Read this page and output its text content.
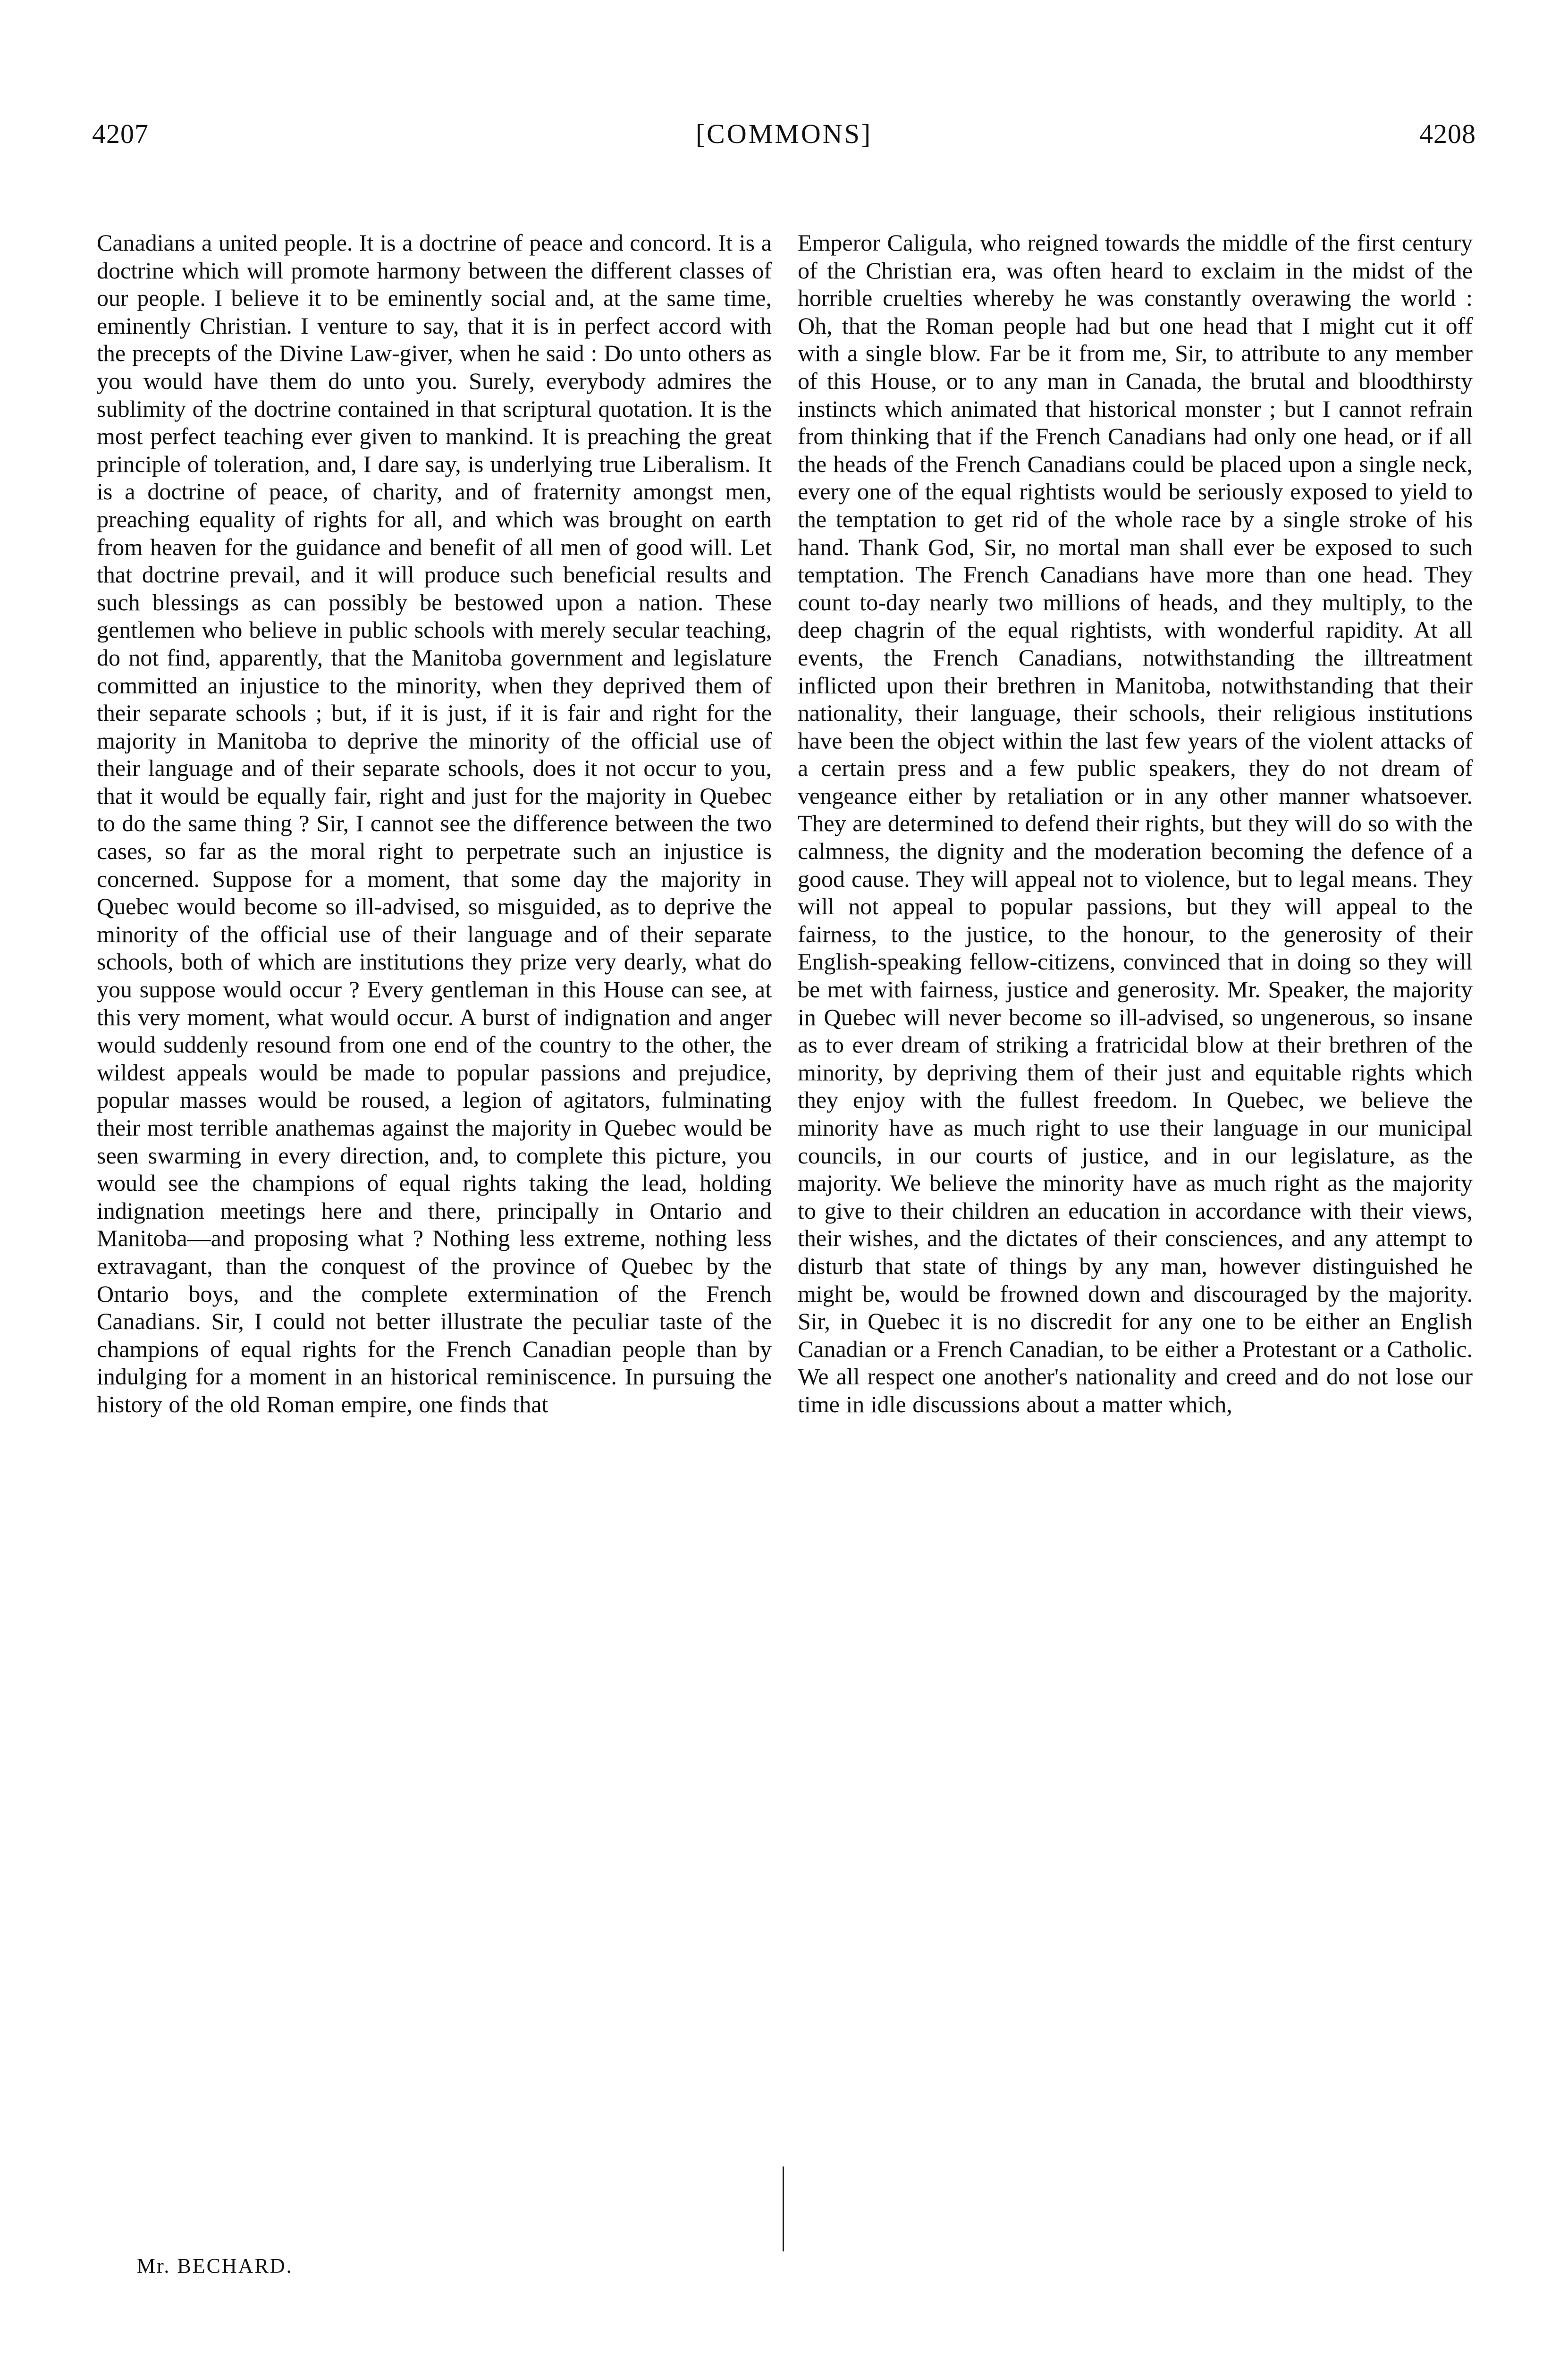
4207	[COMMONS]	4208

Canadians a united people. It is a doctrine of peace and concord. It is a doctrine which will promote harmony between the different classes of our people. I believe it to be eminently social and, at the same time, eminently Christian. I venture to say, that it is in perfect accord with the precepts of the Divine Law-giver, when he said : Do unto others as you would have them do unto you. Surely, everybody admires the sublimity of the doctrine contained in that scriptural quotation. It is the most perfect teaching ever given to mankind. It is preaching the great principle of toleration, and, I dare say, is underlying true Liberalism. It is a doctrine of peace, of charity, and of fraternity amongst men, preaching equality of rights for all, and which was brought on earth from heaven for the guidance and benefit of all men of good will. Let that doctrine prevail, and it will produce such beneficial results and such blessings as can possibly be bestowed upon a nation. These gentlemen who believe in public schools with merely secular teaching, do not find, apparently, that the Manitoba government and legislature committed an injustice to the minority, when they deprived them of their separate schools ; but, if it is just, if it is fair and right for the majority in Manitoba to deprive the minority of the official use of their language and of their separate schools, does it not occur to you, that it would be equally fair, right and just for the majority in Quebec to do the same thing ? Sir, I cannot see the difference between the two cases, so far as the moral right to perpetrate such an injustice is concerned. Suppose for a moment, that some day the majority in Quebec would become so ill-advised, so misguided, as to deprive the minority of the official use of their language and of their separate schools, both of which are institutions they prize very dearly, what do you suppose would occur ? Every gentleman in this House can see, at this very moment, what would occur. A burst of indignation and anger would suddenly resound from one end of the country to the other, the wildest appeals would be made to popular passions and prejudice, popular masses would be roused, a legion of agitators, fulminating their most terrible anathemas against the majority in Quebec would be seen swarming in every direction, and, to complete this picture, you would see the champions of equal rights taking the lead, holding indignation meetings here and there, principally in Ontario and Manitoba—and proposing what ? Nothing less extreme, nothing less extravagant, than the conquest of the province of Quebec by the Ontario boys, and the complete extermination of the French Canadians. Sir, I could not better illustrate the peculiar taste of the champions of equal rights for the French Canadian people than by indulging for a moment in an historical reminiscence. In pursuing the history of the old Roman empire, one finds that

Emperor Caligula, who reigned towards the middle of the first century of the Christian era, was often heard to exclaim in the midst of the horrible cruelties whereby he was constantly overawing the world : Oh, that the Roman people had but one head that I might cut it off with a single blow. Far be it from me, Sir, to attribute to any member of this House, or to any man in Canada, the brutal and bloodthirsty instincts which animated that historical monster ; but I cannot refrain from thinking that if the French Canadians had only one head, or if all the heads of the French Canadians could be placed upon a single neck, every one of the equal rightists would be seriously exposed to yield to the temptation to get rid of the whole race by a single stroke of his hand. Thank God, Sir, no mortal man shall ever be exposed to such temptation. The French Canadians have more than one head. They count to-day nearly two millions of heads, and they multiply, to the deep chagrin of the equal rightists, with wonderful rapidity. At all events, the French Canadians, notwithstanding the illtreatment inflicted upon their brethren in Manitoba, notwithstanding that their nationality, their language, their schools, their religious institutions have been the object within the last few years of the violent attacks of a certain press and a few public speakers, they do not dream of vengeance either by retaliation or in any other manner whatsoever. They are determined to defend their rights, but they will do so with the calmness, the dignity and the moderation becoming the defence of a good cause. They will appeal not to violence, but to legal means. They will not appeal to popular passions, but they will appeal to the fairness, to the justice, to the honour, to the generosity of their English-speaking fellow-citizens, convinced that in doing so they will be met with fairness, justice and generosity. Mr. Speaker, the majority in Quebec will never become so ill-advised, so ungenerous, so insane as to ever dream of striking a fratricidal blow at their brethren of the minority, by depriving them of their just and equitable rights which they enjoy with the fullest freedom. In Quebec, we believe the minority have as much right to use their language in our municipal councils, in our courts of justice, and in our legislature, as the majority. We believe the minority have as much right as the majority to give to their children an education in accordance with their views, their wishes, and the dictates of their consciences, and any attempt to disturb that state of things by any man, however distinguished he might be, would be frowned down and discouraged by the majority. Sir, in Quebec it is no discredit for any one to be either an English Canadian or a French Canadian, to be either a Protestant or a Catholic. We all respect one another's nationality and creed and do not lose our time in idle discussions about a matter which,

Mr. BECHARD.
